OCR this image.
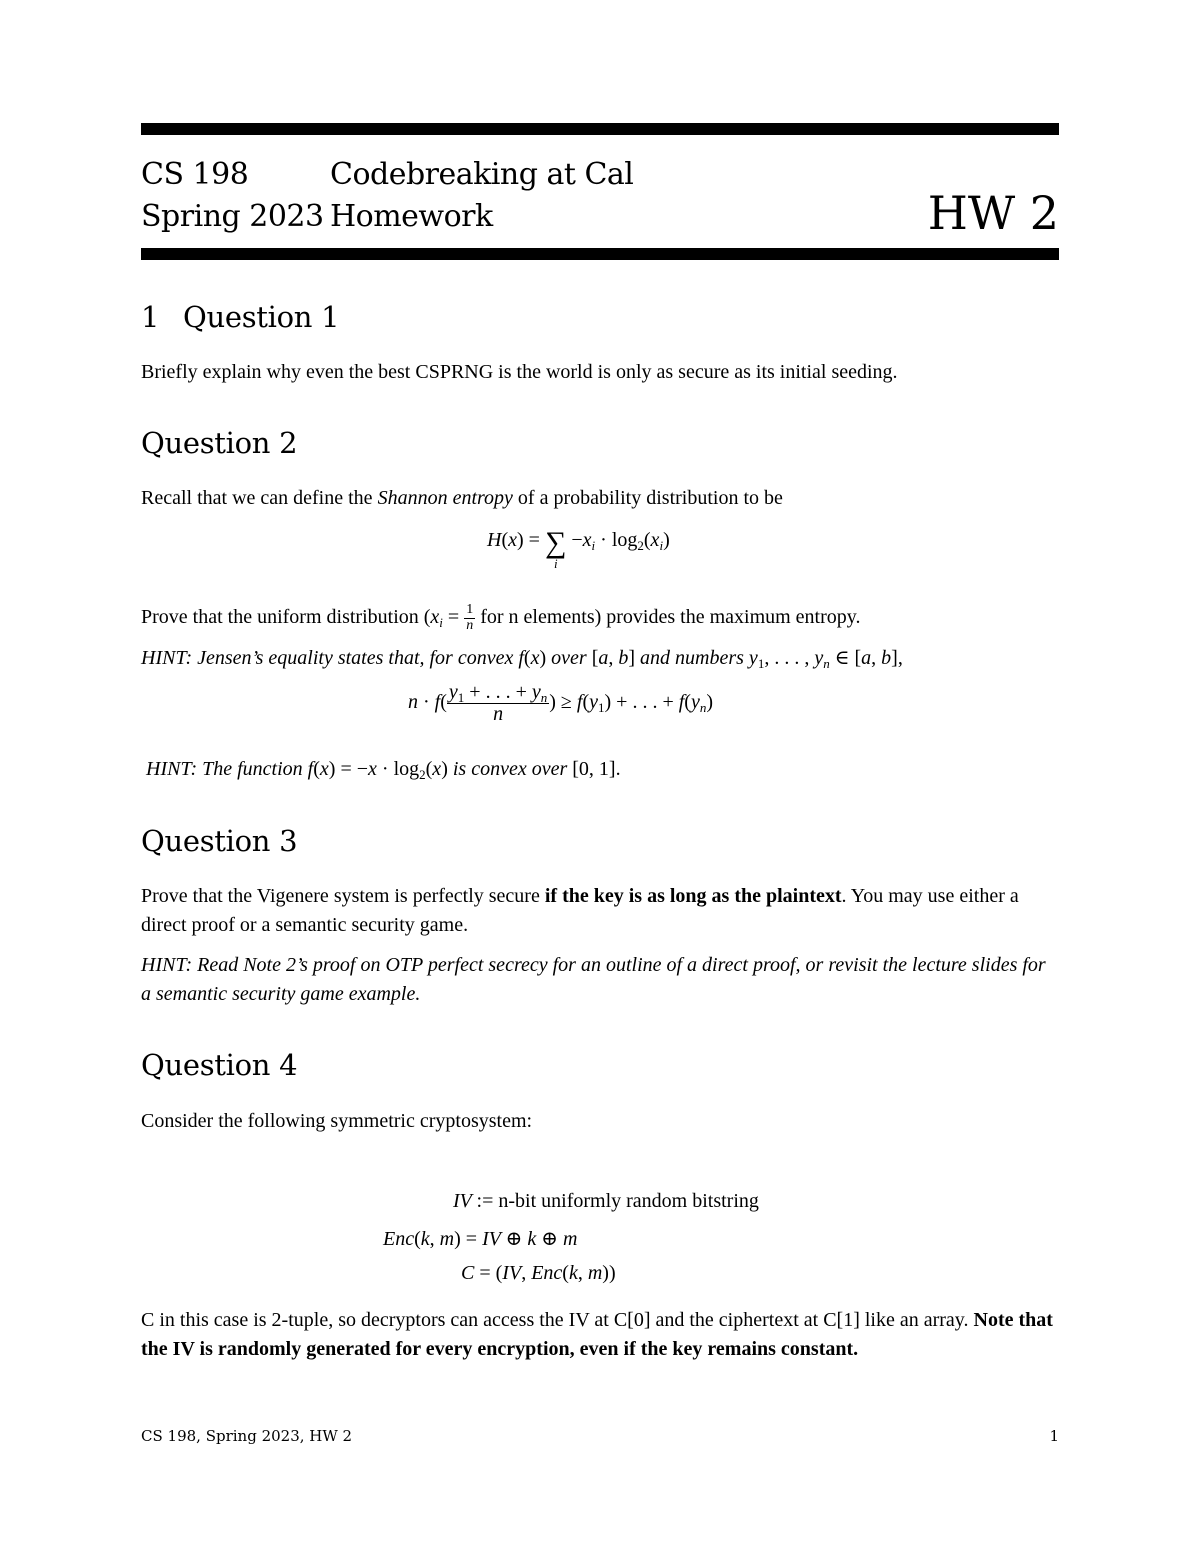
CS 198	Codebreaking at Cal
Spring 2023 Homework	HW 2
1 Question 1

Briefly explain why even the best CSPRNG is the world is only as secure as its initial seeding.

Question 2

Recall that we can define the Shannon entropy of a probability distribution to be

H(x) = ∑
i
$-x_i \cdot \log_2(x_i)$

Prove that the uniform distribution ($x_i = \frac{1}{n}$ for n elements) provides the maximum entropy.

HINT: Jensen’s equality states that, for convex f(x) over [a, b] and numbers $y_1$, . . . , $y_n$ ∈ [a, b],

$n \cdot f( \frac{y_1 + . . . + y_n}{n}$ ) ≥ $f(y_1)$ + . . . + $f(y_n)$

HINT: The function $f(x) = -x \cdot \log_2(x)$ is convex over [0, 1].

Question 3

Prove that the Vigenere system is perfectly secure if the key is as long as the plaintext. You may use either a direct proof or a semantic security game.

HINT: Read Note 2’s proof on OTP perfect secrecy for an outline of a direct proof, or revisit the lecture slides for a semantic security game example.

Question 4

Consider the following symmetric cryptosystem:

IV := n-bit uniformly random bitstring
Enc(k, m) = IV ⊕ k ⊕ m
C = (IV, Enc(k, m))

C in this case is 2-tuple, so decryptors can access the IV at C[0] and the ciphertext at C[1] like an array. Note that the IV is randomly generated for every encryption, even if the key remains constant.

CS 198, Spring 2023, HW 2	1
